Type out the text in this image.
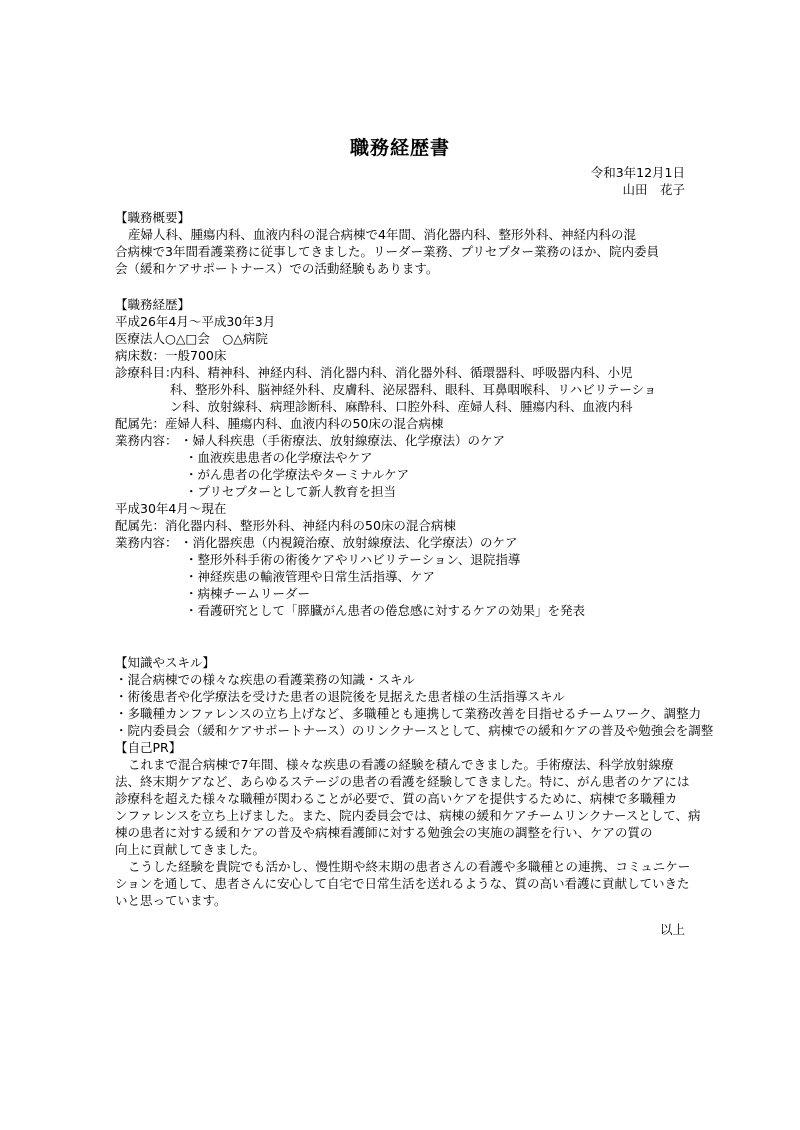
職務経歴書
令和3年12月1日
山田　花子
【職務概要】
産婦人科、腫瘍内科、血液内科の混合病棟で4年間、消化器内科、整形外科、神経内科の混
合病棟で3年間看護業務に従事してきました。リーダー業務、プリセプター業務のほか、院内委員
会（緩和ケアサポートナース）での活動経験もあります。
【職務経歴】
平成26年4月～平成30年3月
医療法人○△□会　○△病院
病床数：一般700床
診療科目：
内科、精神科、神経内科、消化器内科、消化器外科、循環器科、呼吸器内科、小児
科、整形外科、脳神経外科、皮膚科、泌尿器科、眼科、耳鼻咽喉科、リハビリテーショ
ン科、放射線科、病理診断科、麻酔科、口腔外科、産婦人科、腫瘍内科、血液内科
配属先：産婦人科、腫瘍内科、血液内科の50床の混合病棟
業務内容： ・婦人科疾患（手術療法、放射線療法、化学療法）のケア
・血液疾患患者の化学療法やケア
・がん患者の化学療法やターミナルケア
・プリセプターとして新人教育を担当
平成30年4月～現在
配属先：消化器内科、整形外科、神経内科の50床の混合病棟
業務内容： ・消化器疾患（内視鏡治療、放射線療法、化学療法）のケア
・整形外科手術の術後ケアやリハビリテーション、退院指導
・神経疾患の輸液管理や日常生活指導、ケア
・病棟チームリーダー
・看護研究として「膵臓がん患者の倦怠感に対するケアの効果」を発表
【知識やスキル】
・混合病棟での様々な疾患の看護業務の知識・スキル
・術後患者や化学療法を受けた患者の退院後を見据えた患者様の生活指導スキル
・多職種カンファレンスの立ち上げなど、多職種とも連携して業務改善を目指せるチームワーク、調整力
・院内委員会（緩和ケアサポートナース）のリンクナースとして、病棟での緩和ケアの普及や勉強会を調整
【自己PR】
これまで混合病棟で7年間、様々な疾患の看護の経験を積んできました。手術療法、科学放射線療
法、終末期ケアなど、あらゆるステージの患者の看護を経験してきました。特に、がん患者のケアには
診療科を超えた様々な職種が関わることが必要で、質の高いケアを提供するために、病棟で多職種カ
ンファレンスを立ち上げました。また、院内委員会では、病棟の緩和ケアチームリンクナースとして、病
棟の患者に対する緩和ケアの普及や病棟看護師に対する勉強会の実施の調整を行い、ケアの質の
向上に貢献してきました。
こうした経験を貴院でも活かし、慢性期や終末期の患者さんの看護や多職種との連携、コミュニケー
ションを通して、患者さんに安心して自宅で日常生活を送れるような、質の高い看護に貢献していきた
いと思っています。
以上
